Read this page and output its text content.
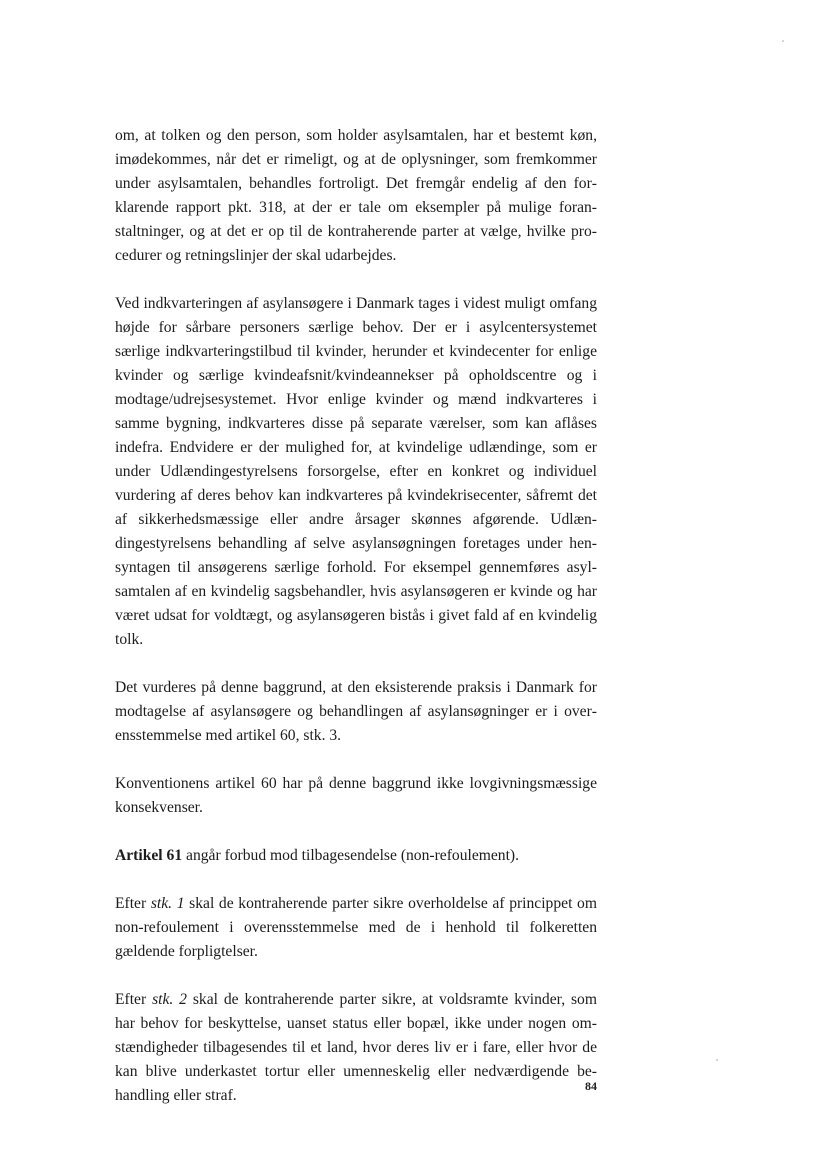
om, at tolken og den person, som holder asylsamtalen, har et bestemt køn, imødekommes, når det er rimeligt, og at de oplysninger, som fremkommer under asylsamtalen, behandles fortroligt. Det fremgår endelig af den forklarende rapport pkt. 318, at der er tale om eksempler på mulige foranstaltninger, og at det er op til de kontraherende parter at vælge, hvilke procedurer og retningslinjer der skal udarbejdes.

Ved indkvarteringen af asylansøgere i Danmark tages i videst muligt omfang højde for sårbare personers særlige behov. Der er i asylcentersystemet særlige indkvarteringstilbud til kvinder, herunder et kvindecenter for enlige kvinder og særlige kvindeafsnit/kvindeannekser på opholdscentre og i modtage/udrejsesystemet. Hvor enlige kvinder og mænd indkvarteres i samme bygning, indkvarteres disse på separate værelser, som kan aflåses indefra. Endvidere er der mulighed for, at kvindelige udlændinge, som er under Udlændingestyrelsens forsorgelse, efter en konkret og individuel vurdering af deres behov kan indkvarteres på kvindekrisecenter, såfremt det af sikkerhedsmæssige eller andre årsager skønnes afgørende. Udlændingestyrelsens behandling af selve asylansøgningen foretages under hensyntagen til ansøgerens særlige forhold. For eksempel gennemføres asylsamtalen af en kvindelig sagsbehandler, hvis asylansøgeren er kvinde og har været udsat for voldtægt, og asylansøgeren bistås i givet fald af en kvindelig tolk.

Det vurderes på denne baggrund, at den eksisterende praksis i Danmark for modtagelse af asylansøgere og behandlingen af asylansøgninger er i overensstemmelse med artikel 60, stk. 3.

Konventionens artikel 60 har på denne baggrund ikke lovgivningsmæssige konsekvenser.

Artikel 61 angår forbud mod tilbagesendelse (non-refoulement).

Efter stk. 1 skal de kontraherende parter sikre overholdelse af princippet om non-refoulement i overensstemmelse med de i henhold til folkeretten gældende forpligtelser.

Efter stk. 2 skal de kontraherende parter sikre, at voldsramte kvinder, som har behov for beskyttelse, uanset status eller bopæl, ikke under nogen omstændigheder tilbagesendes til et land, hvor deres liv er i fare, eller hvor de kan blive underkastet tortur eller umenneskelig eller nedværdigende behandling eller straf.

84
